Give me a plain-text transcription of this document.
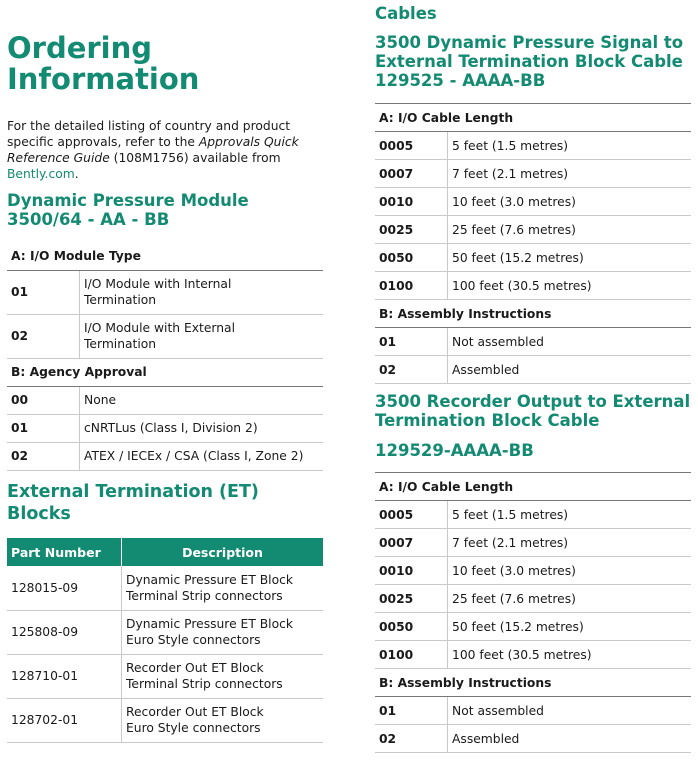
Ordering
Information
For the detailed listing of country and product specific approvals, refer to the Approvals Quick Reference Guide (108M1756) available from Bently.com.
Dynamic Pressure Module
3500/64 - AA - BB
A: I/O Module Type	
01	I/O Module with Internal
Termination
02	I/O Module with External
Termination
B: Agency Approval	
00	None
01	cNRTLus (Class I, Division 2)
02	ATEX / IECEx / CSA (Class I, Zone 2)
External Termination (ET)
Blocks
Part Number	Description
128015-09	Dynamic Pressure ET Block
Terminal Strip connectors
125808-09	Dynamic Pressure ET Block
Euro Style connectors
128710-01	Recorder Out ET Block
Terminal Strip connectors
128702-01	Recorder Out ET Block
Euro Style connectors
Cables
3500 Dynamic Pressure Signal to
External Termination Block Cable
129525 - AAAA-BB
A: I/O Cable Length	
0005	5 feet (1.5 metres)
0007	7 feet (2.1 metres)
0010	10 feet (3.0 metres)
0025	25 feet (7.6 metres)
0050	50 feet (15.2 metres)
0100	100 feet (30.5 metres)
B: Assembly Instructions	
01	Not assembled
02	Assembled
3500 Recorder Output to External
Termination Block Cable
129529-AAAA-BB
A: I/O Cable Length	
0005	5 feet (1.5 metres)
0007	7 feet (2.1 metres)
0010	10 feet (3.0 metres)
0025	25 feet (7.6 metres)
0050	50 feet (15.2 metres)
0100	100 feet (30.5 metres)
B: Assembly Instructions	
01	Not assembled
02	Assembled
